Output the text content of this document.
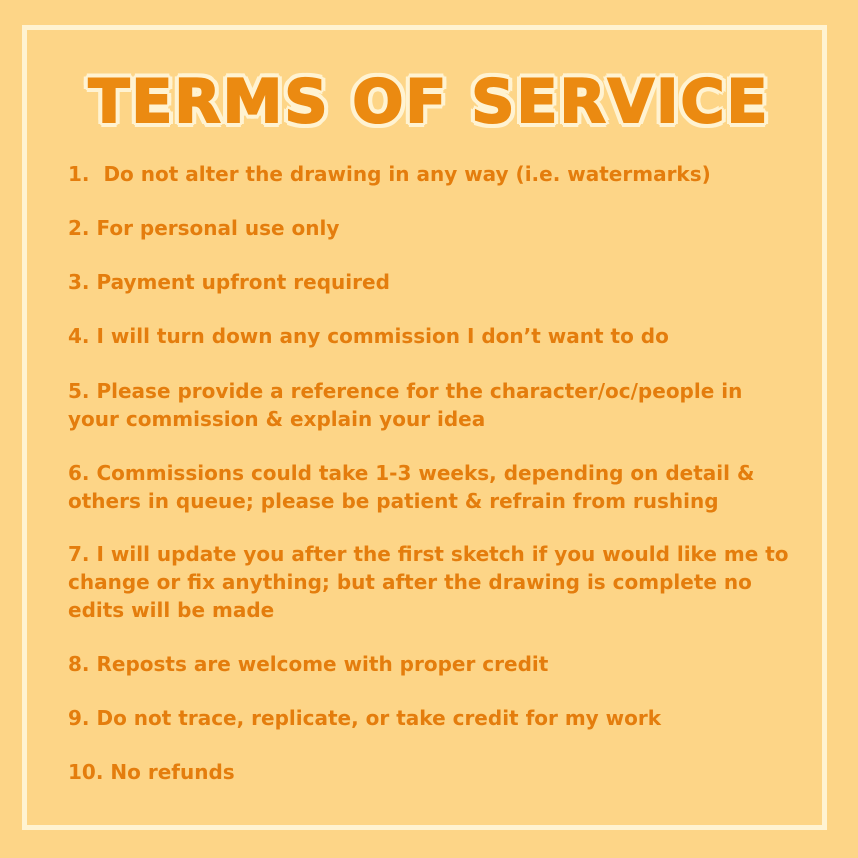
TERMS OF SERVICE

1.  Do not alter the drawing in any way (i.e. watermarks)

2. For personal use only

3. Payment upfront required

4. I will turn down any commission I don’t want to do

5. Please provide a reference for the character/oc/people in your commission & explain your idea

6. Commissions could take 1-3 weeks, depending on detail & others in queue; please be patient & refrain from rushing

7. I will update you after the first sketch if you would like me to change or fix anything; but after the drawing is complete no edits will be made

8. Reposts are welcome with proper credit

9. Do not trace, replicate, or take credit for my work

10. No refunds
